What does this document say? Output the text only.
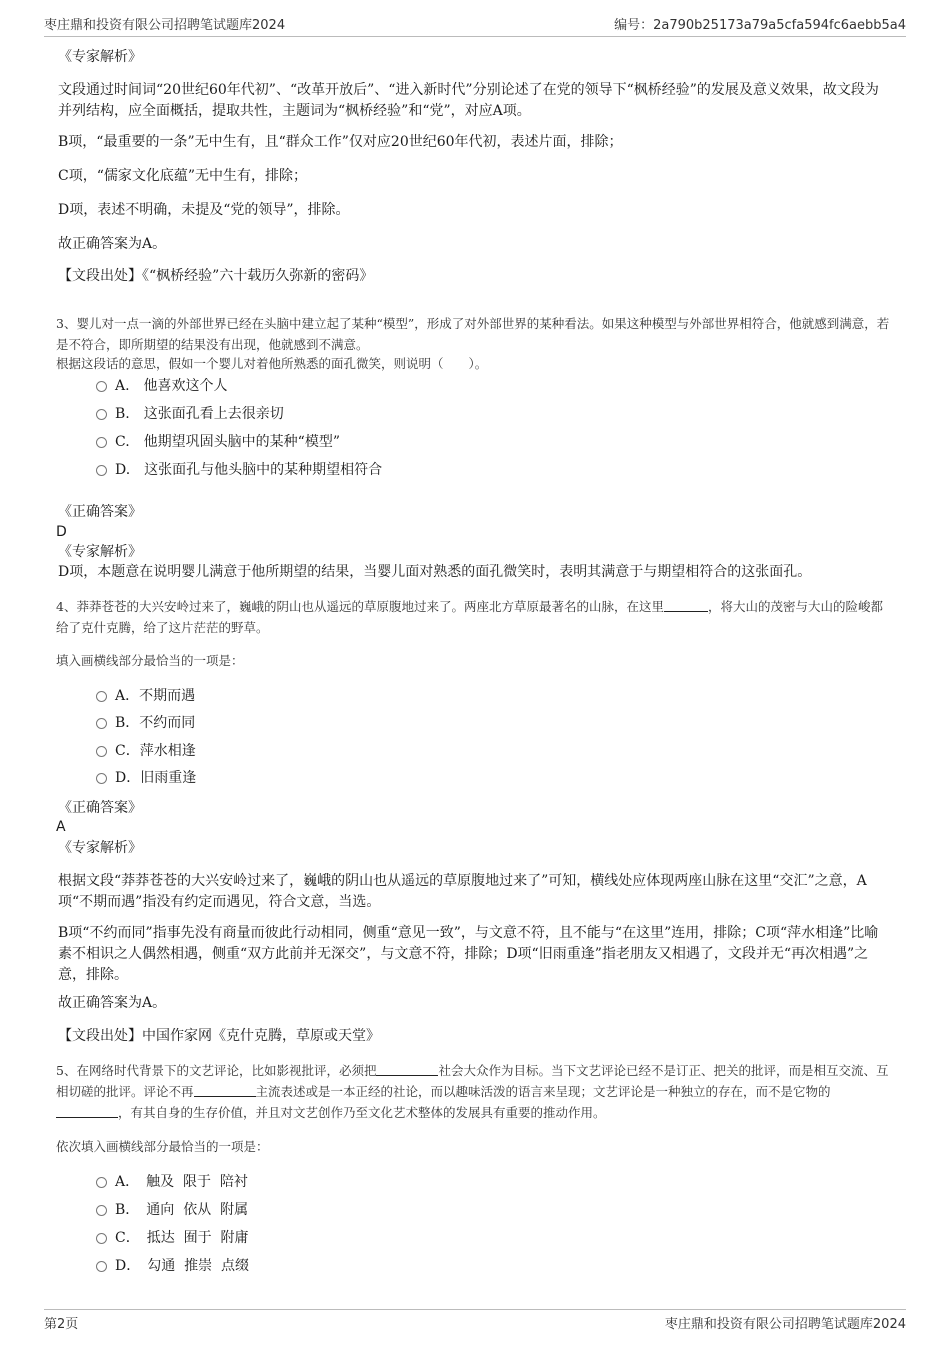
枣庄鼎和投资有限公司招聘笔试题库2024	编号：2a790b25173a79a5cfa594fc6aebb5a4
《专家解析》
文段通过时间词“20世纪60年代初”、“改革开放后”、“进入新时代”分别论述了在党的领导下“枫桥经验”的发展及意义效果，故文段为并列结构，应全面概括，提取共性，主题词为“枫桥经验”和“党”，对应A项。
B项，“最重要的一条”无中生有，且“群众工作”仅对应20世纪60年代初，表述片面，排除；
C项，“儒家文化底蕴”无中生有，排除；
D项，表述不明确，未提及“党的领导”，排除。
故正确答案为A。
【文段出处】《“枫桥经验”六十载历久弥新的密码》
3、婴儿对一点一滴的外部世界已经在头脑中建立起了某种“模型”，形成了对外部世界的某种看法。如果这种模型与外部世界相符合，他就感到满意，若是不符合，即所期望的结果没有出现，他就感到不满意。
根据这段话的意思，假如一个婴儿对着他所熟悉的面孔微笑，则说明（　　）。
A.　他喜欢这个人
B.　这张面孔看上去很亲切
C.　他期望巩固头脑中的某种“模型”
D.　这张面孔与他头脑中的某种期望相符合
《正确答案》
D
《专家解析》
D项，本题意在说明婴儿满意于他所期望的结果，当婴儿面对熟悉的面孔微笑时，表明其满意于与期望相符合的这张面孔。
4、莽莽苍苍的大兴安岭过来了，巍峨的阴山也从遥远的草原腹地过来了。两座北方草原最著名的山脉，在这里	，将大山的茂密与大山的险峻都给了克什克腾，给了这片茫茫的野草。
填入画横线部分最恰当的一项是：
A．不期而遇
B．不约而同
C．萍水相逢
D．旧雨重逢
《正确答案》
A
《专家解析》
根据文段“莽莽苍苍的大兴安岭过来了，巍峨的阴山也从遥远的草原腹地过来了”可知，横线处应体现两座山脉在这里“交汇”之意，A项“不期而遇”指没有约定而遇见，符合文意，当选。
B项“不约而同”指事先没有商量而彼此行动相同，侧重“意见一致”，与文意不符，且不能与“在这里”连用，排除；C项“萍水相逢”比喻素不相识之人偶然相遇，侧重“双方此前并无深交”，与文意不符，排除；D项“旧雨重逢”指老朋友又相遇了，文段并无“再次相遇”之意，排除。
故正确答案为A。
【文段出处】中国作家网《克什克腾，草原或天堂》
5、在网络时代背景下的文艺评论，比如影视批评，必须把	社会大众作为目标。当下文艺评论已经不是订正、把关的批评，而是相互交流、互相切磋的批评。评论不再	主流表述或是一本正经的社论，而以趣味活泼的语言来呈现；文艺评论是一种独立的存在，而不是它物的，有其自身的生存价值，并且对文艺创作乃至文化艺术整体的发展具有重要的推动作用。
依次填入画横线部分最恰当的一项是：
A．　触及  限于  陪衬
B．　通向  依从  附属
C．　抵达  囿于  附庸
D．　勾通  推崇  点缀
第2页	枣庄鼎和投资有限公司招聘笔试题库2024
